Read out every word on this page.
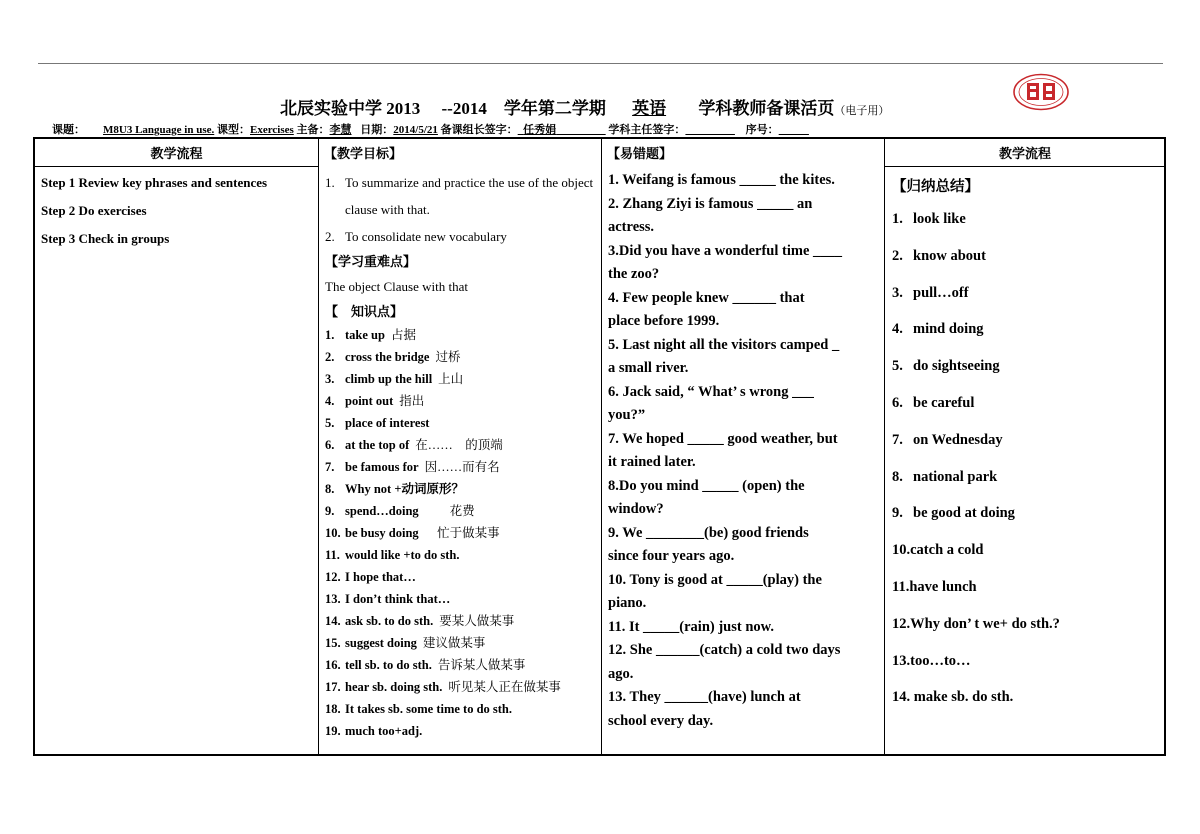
北辰实验中学 2013　 --2014　学年第二学期 英语 学科教师备课活页（电子用）
课题： M8U3 Language in use. 课型：Exercises 主备：李慧 日期：2014/5/21 备课组长签字： 任秀娟	学科主任签字：	序号：
教学流程	【教学目标】	【易错题】	教学流程
Step 1 Review key phrases and sentences
Step 2 Do exercises
Step 3 Check in groups
1. To summarize and practice the use of the object clause with that.
2. To consolidate new vocabulary
【学习重难点】
The object Clause with that
【　知识点】
1. take up 占据
2. cross the bridge 过桥
3. climb up the hill 上山
4. point out 指出
5. place of interest
6. at the top of 在……　的顶端
7. be famous for 因……而有名
8. Why not +动词原形？
9. spend…doing　　花费
10. be busy doing　忙于做某事
11. would like +to do sth.
12. I hope that…
13. I don’t think that…
14. ask sb. to do sth. 要某人做某事
15. suggest doing 建议做某事
16. tell sb. to do sth. 告诉某人做某事
17. hear sb. doing sth. 听见某人正在做某事
18. It takes sb. some time to do sth.
19. much too+adj.
1. Weifang is famous _____ the kites.
2. Zhang Ziyi is famous _____ an
actress.
3.Did you have a wonderful time ____
the zoo?
4. Few people knew ______ that
place before 1999.
5. Last night all the visitors camped _
a small river.
6. Jack said, “ What’ s wrong ___
you?”
7. We hoped _____ good weather, but
it rained later.
8.Do you mind _____ (open) the
window?
9. We ________(be) good friends
since four years ago.
10. Tony is good at _____(play) the
piano.
11. It _____(rain) just now.
12. She ______(catch) a cold two days
ago.
13. They ______(have) lunch at
school every day.
【归纳总结】
1. look like
2. know about
3. pull…off
4. mind doing
5. do sightseeing
6. be careful
7. on Wednesday
8. national park
9. be good at doing
10.catch a cold
11.have lunch
12.Why don’ t we+ do sth.?
13.too…to…
14. make sb. do sth.
